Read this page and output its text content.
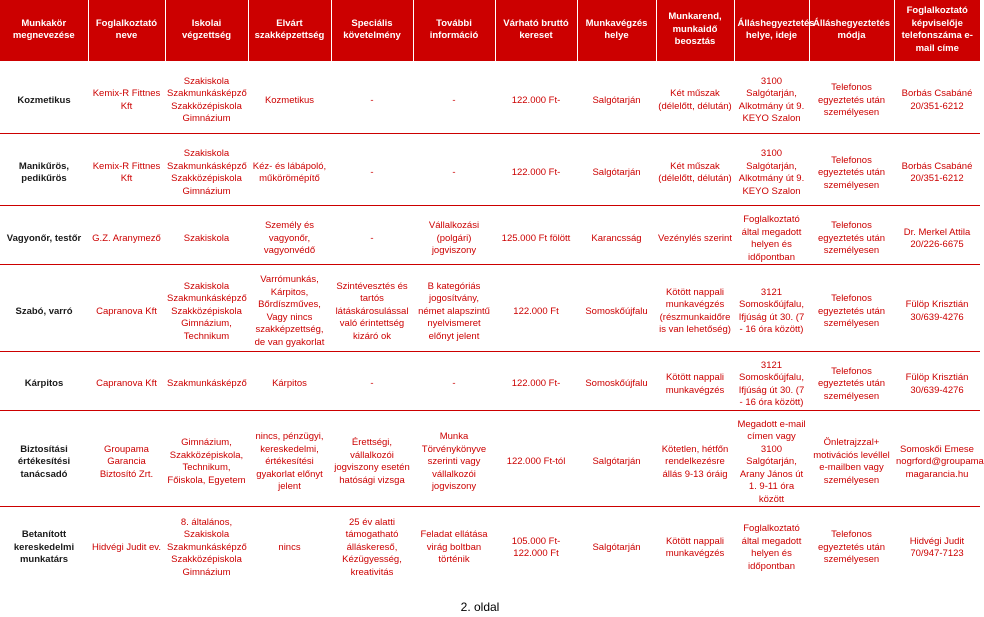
Munkakör megnevezése	Foglalkoztató neve	Iskolai végzettség	Elvárt szakképzettség	Speciális követelmény	További információ	Várható bruttó kereset	Munkavégzés helye	Munkarend, munkaidő beosztás	Álláshegyeztetés helye, ideje	Álláshegyeztetés módja	Foglalkoztató képviselője telefonszáma e-mail címe

Kozmetikus	Kemix-R Fittnes Kft	Szakiskola Szakmunkásképző Szakközépiskola Gimnázium	Kozmetikus	-	-	122.000 Ft-	Salgótarján	Két műszak (délelőtt, délután)	3100 Salgótarján, Alkotmány út 9. KEYO Szalon	Telefonos egyeztetés után személyesen	Borbás Csabáné 20/351-6212

Manikűrös, pedikűrös	Kemix-R Fittnes Kft	Szakiskola Szakmunkásképző Szakközépiskola Gimnázium	Kéz- és lábápoló, műkörömépítő	-	-	122.000 Ft-	Salgótarján	Két műszak (délelőtt, délután)	3100 Salgótarján, Alkotmány út 9. KEYO Szalon	Telefonos egyeztetés után személyesen	Borbás Csabáné 20/351-6212

Vagyonőr, testőr	G.Z. Aranymező	Szakiskola	Személy és vagyonőr, vagyonvédő	-	Vállalkozási (polgári) jogviszony	125.000 Ft fölött	Karancsság	Vezénylés szerint	Foglalkoztató által megadott helyen és időpontban	Telefonos egyeztetés után személyesen	Dr. Merkel Attila 20/226-6675

Szabó, varró	Capranova Kft	Szakiskola Szakmunkásképző Szakközépiskola Gimnázium, Technikum	Varrómunkás, Kárpitos, Bőrdíszműves, Vagy nincs szakképzettség, de van gyakorlat	Szintévesztés és tartós látáskárosulással való érintettség kizáró ok	B kategóriás jogosítvány, német alapszintű nyelvismeret előnyt jelent	122.000 Ft	Somoskőújfalu	Kötött nappali munkavégzés (részmunkaidőre is van lehetőség)	3121 Somoskőújfalu, Ifjúság út 30. (7 - 16 óra között)	Telefonos egyeztetés után személyesen	Fülöp Krisztián 30/639-4276

Kárpitos	Capranova Kft	Szakmunkásképző	Kárpitos	-	-	122.000 Ft-	Somoskőújfalu	Kötött nappali munkavégzés	3121 Somoskőújfalu, Ifjúság út 30. (7 - 16 óra között)	Telefonos egyeztetés után személyesen	Fülöp Krisztián 30/639-4276

Biztosítási értékesítési tanácsadó	Groupama Garancia Biztosító Zrt.	Gimnázium, Szakközépiskola, Technikum, Főiskola, Egyetem	nincs, pénzügyi, kereskedelmi, értékesítési gyakorlat előnyt jelent	Érettségi, vállalkozói jogviszony esetén hatósági vizsga	Munka Törvénykönyve szerinti vagy vállalkozói jogviszony	122.000 Ft-tól	Salgótarján	Kötetlen, hétfőn rendelkezésre állás 9-13 óráig	Megadott e-mail címen vagy 3100 Salgótarján, Arany János út 1. 9-11 óra között	Önletrajzzal+ motivációs levéllel e-mailben vagy személyesen	Somoskői Emese nogrford@groupama magarancia.hu

Betanított kereskedelmi munkatárs	Hidvégi Judit ev.	8. általános, Szakiskola Szakmunkásképző Szakközépiskola Gimnázium	nincs	25 év alatti támogatható álláskereső, Kézügyesség, kreativitás	Feladat ellátása virág boltban történik	105.000 Ft- 122.000 Ft	Salgótarján	Kötött nappali munkavégzés	Foglalkoztató által megadott helyen és időpontban	Telefonos egyeztetés után személyesen	Hidvégi Judit 70/947-7123
2. oldal
